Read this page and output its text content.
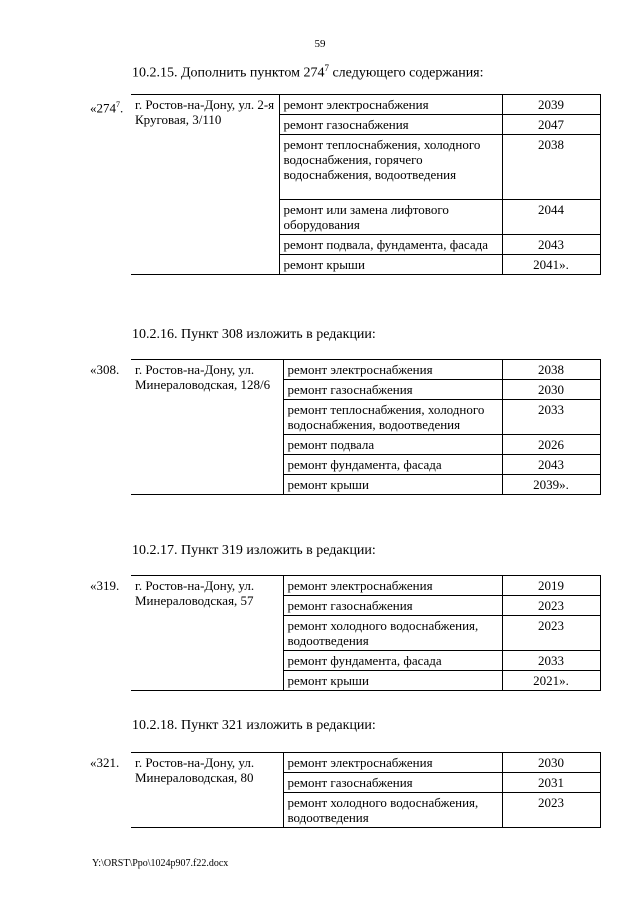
59
10.2.15. Дополнить пунктом $274^7$ следующего содержания:
«$274^7$.	г. Ростов-на-Дону, ул. 2-я Круговая, 3/110	ремонт электроснабжения	2039
		ремонт газоснабжения	2047
		ремонт теплоснабжения, холодного водоснабжения, горячего водоснабжения, водоотведения	2038
		ремонт или замена лифтового оборудования	2044
		ремонт подвала, фундамента, фасада	2043
		ремонт крыши	2041».
10.2.16. Пункт 308 изложить в редакции:
«308.	г. Ростов-на-Дону, ул. Минераловодская, 128/6	ремонт электроснабжения	2038
		ремонт газоснабжения	2030
		ремонт теплоснабжения, холодного водоснабжения, водоотведения	2033
		ремонт подвала	2026
		ремонт фундамента, фасада	2043
		ремонт крыши	2039».
10.2.17. Пункт 319 изложить в редакции:
«319.	г. Ростов-на-Дону, ул. Минераловодская, 57	ремонт электроснабжения	2019
		ремонт газоснабжения	2023
		ремонт холодного водоснабжения, водоотведения	2023
		ремонт фундамента, фасада	2033
		ремонт крыши	2021».
10.2.18. Пункт 321 изложить в редакции:
«321.	г. Ростов-на-Дону, ул. Минераловодская, 80	ремонт электроснабжения	2030
		ремонт газоснабжения	2031
		ремонт холодного водоснабжения, водоотведения	2023
Y:\ORST\Ppo\1024p907.f22.docx
